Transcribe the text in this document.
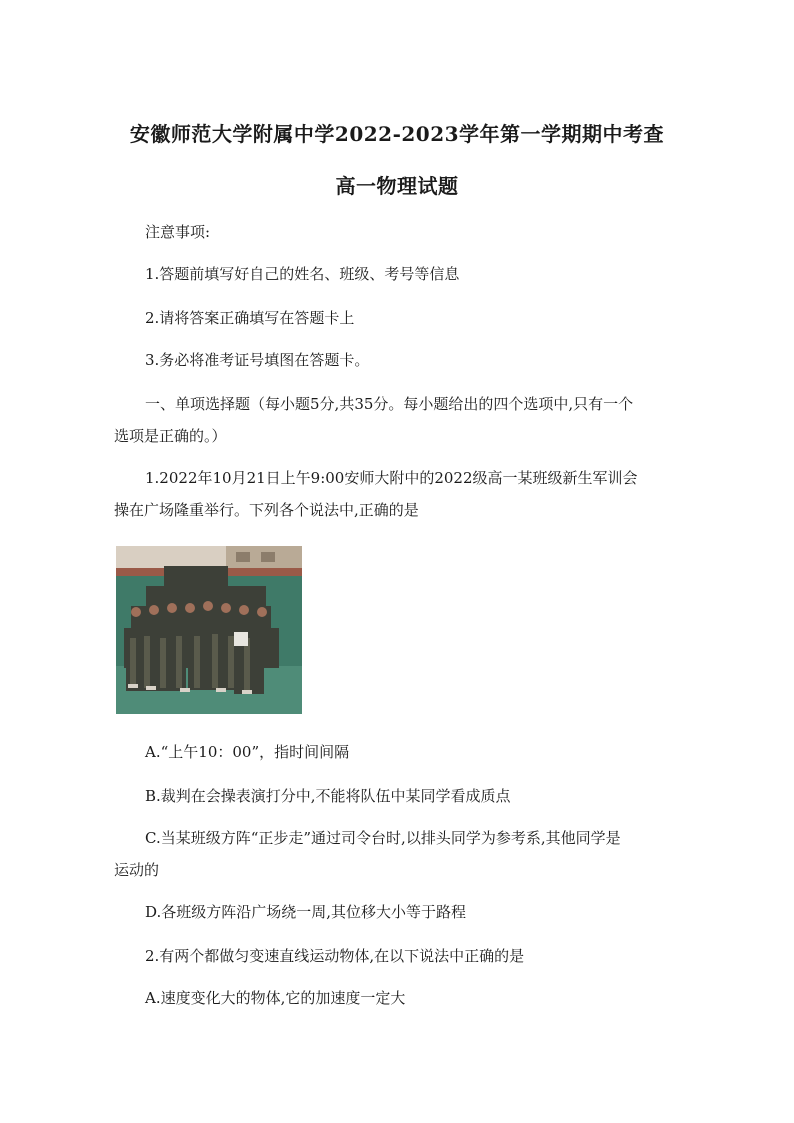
安徽师范大学附属中学2022-2023学年第一学期期中考查
高一物理试题
注意事项:
1.答题前填写好自己的姓名、班级、考号等信息
2.请将答案正确填写在答题卡上
3.务必将准考证号填图在答题卡。
一、单项选择题（每小题5分,共35分。每小题给出的四个选项中,只有一个
选项是正确的。）
1.2022年10月21日上午9:00安师大附中的2022级高一某班级新生军训会
操在广场隆重举行。下列各个说法中,正确的是
A.“上午10：00”，指时间间隔
B.裁判在会操表演打分中,不能将队伍中某同学看成质点
C.当某班级方阵“正步走”通过司令台时,以排头同学为参考系,其他同学是
运动的
D.各班级方阵沿广场绕一周,其位移大小等于路程
2.有两个都做匀变速直线运动物体,在以下说法中正确的是
A.速度变化大的物体,它的加速度一定大
